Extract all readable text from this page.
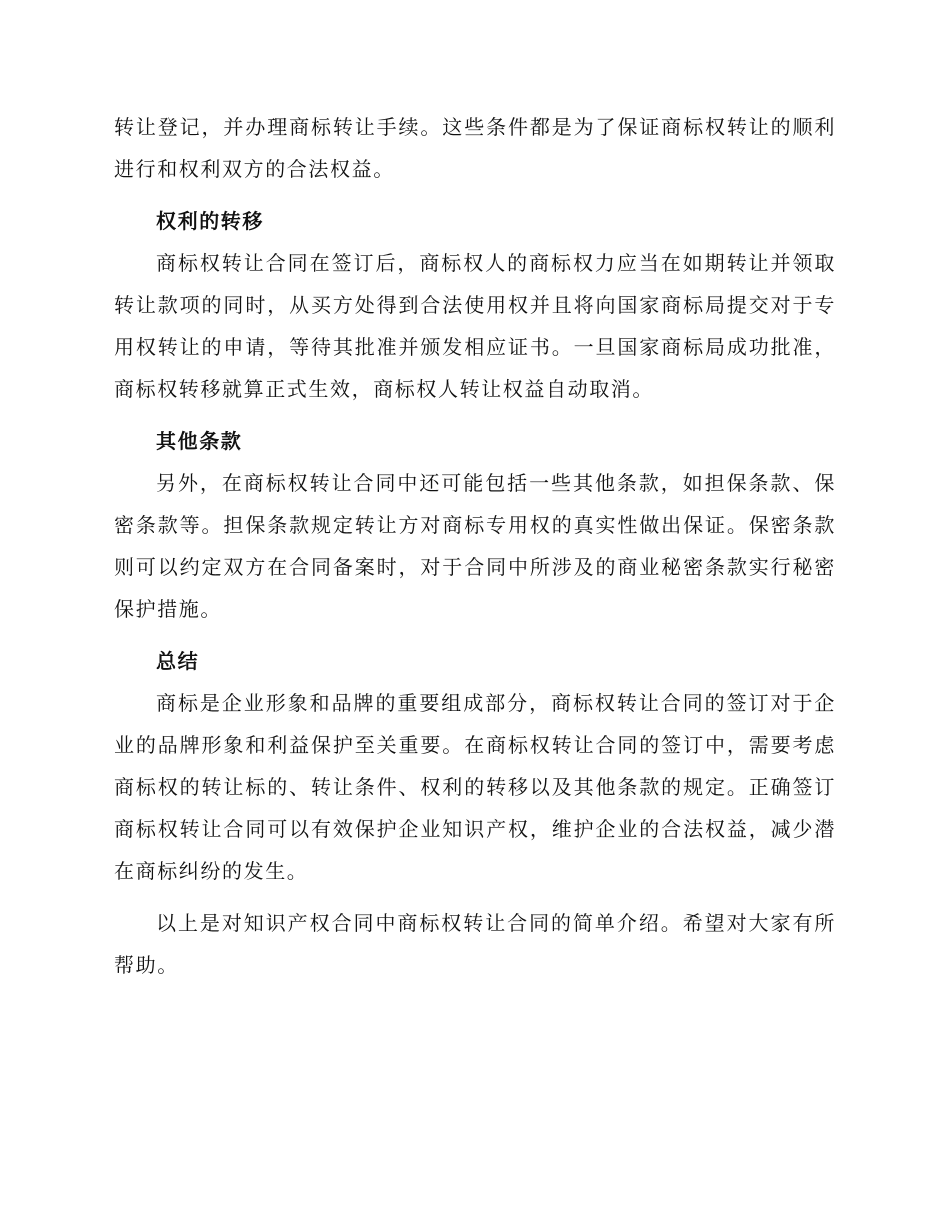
转让登记，并办理商标转让手续。这些条件都是为了保证商标权转让的顺利进行和权利双方的合法权益。

权利的转移

商标权转让合同在签订后，商标权人的商标权力应当在如期转让并领取转让款项的同时，从买方处得到合法使用权并且将向国家商标局提交对于专用权转让的申请，等待其批准并颁发相应证书。一旦国家商标局成功批准，商标权转移就算正式生效，商标权人转让权益自动取消。

其他条款

另外，在商标权转让合同中还可能包括一些其他条款，如担保条款、保密条款等。担保条款规定转让方对商标专用权的真实性做出保证。保密条款则可以约定双方在合同备案时，对于合同中所涉及的商业秘密条款实行秘密保护措施。

总结

商标是企业形象和品牌的重要组成部分，商标权转让合同的签订对于企业的品牌形象和利益保护至关重要。在商标权转让合同的签订中，需要考虑商标权的转让标的、转让条件、权利的转移以及其他条款的规定。正确签订商标权转让合同可以有效保护企业知识产权，维护企业的合法权益，减少潜在商标纠纷的发生。

以上是对知识产权合同中商标权转让合同的简单介绍。希望对大家有所帮助。
